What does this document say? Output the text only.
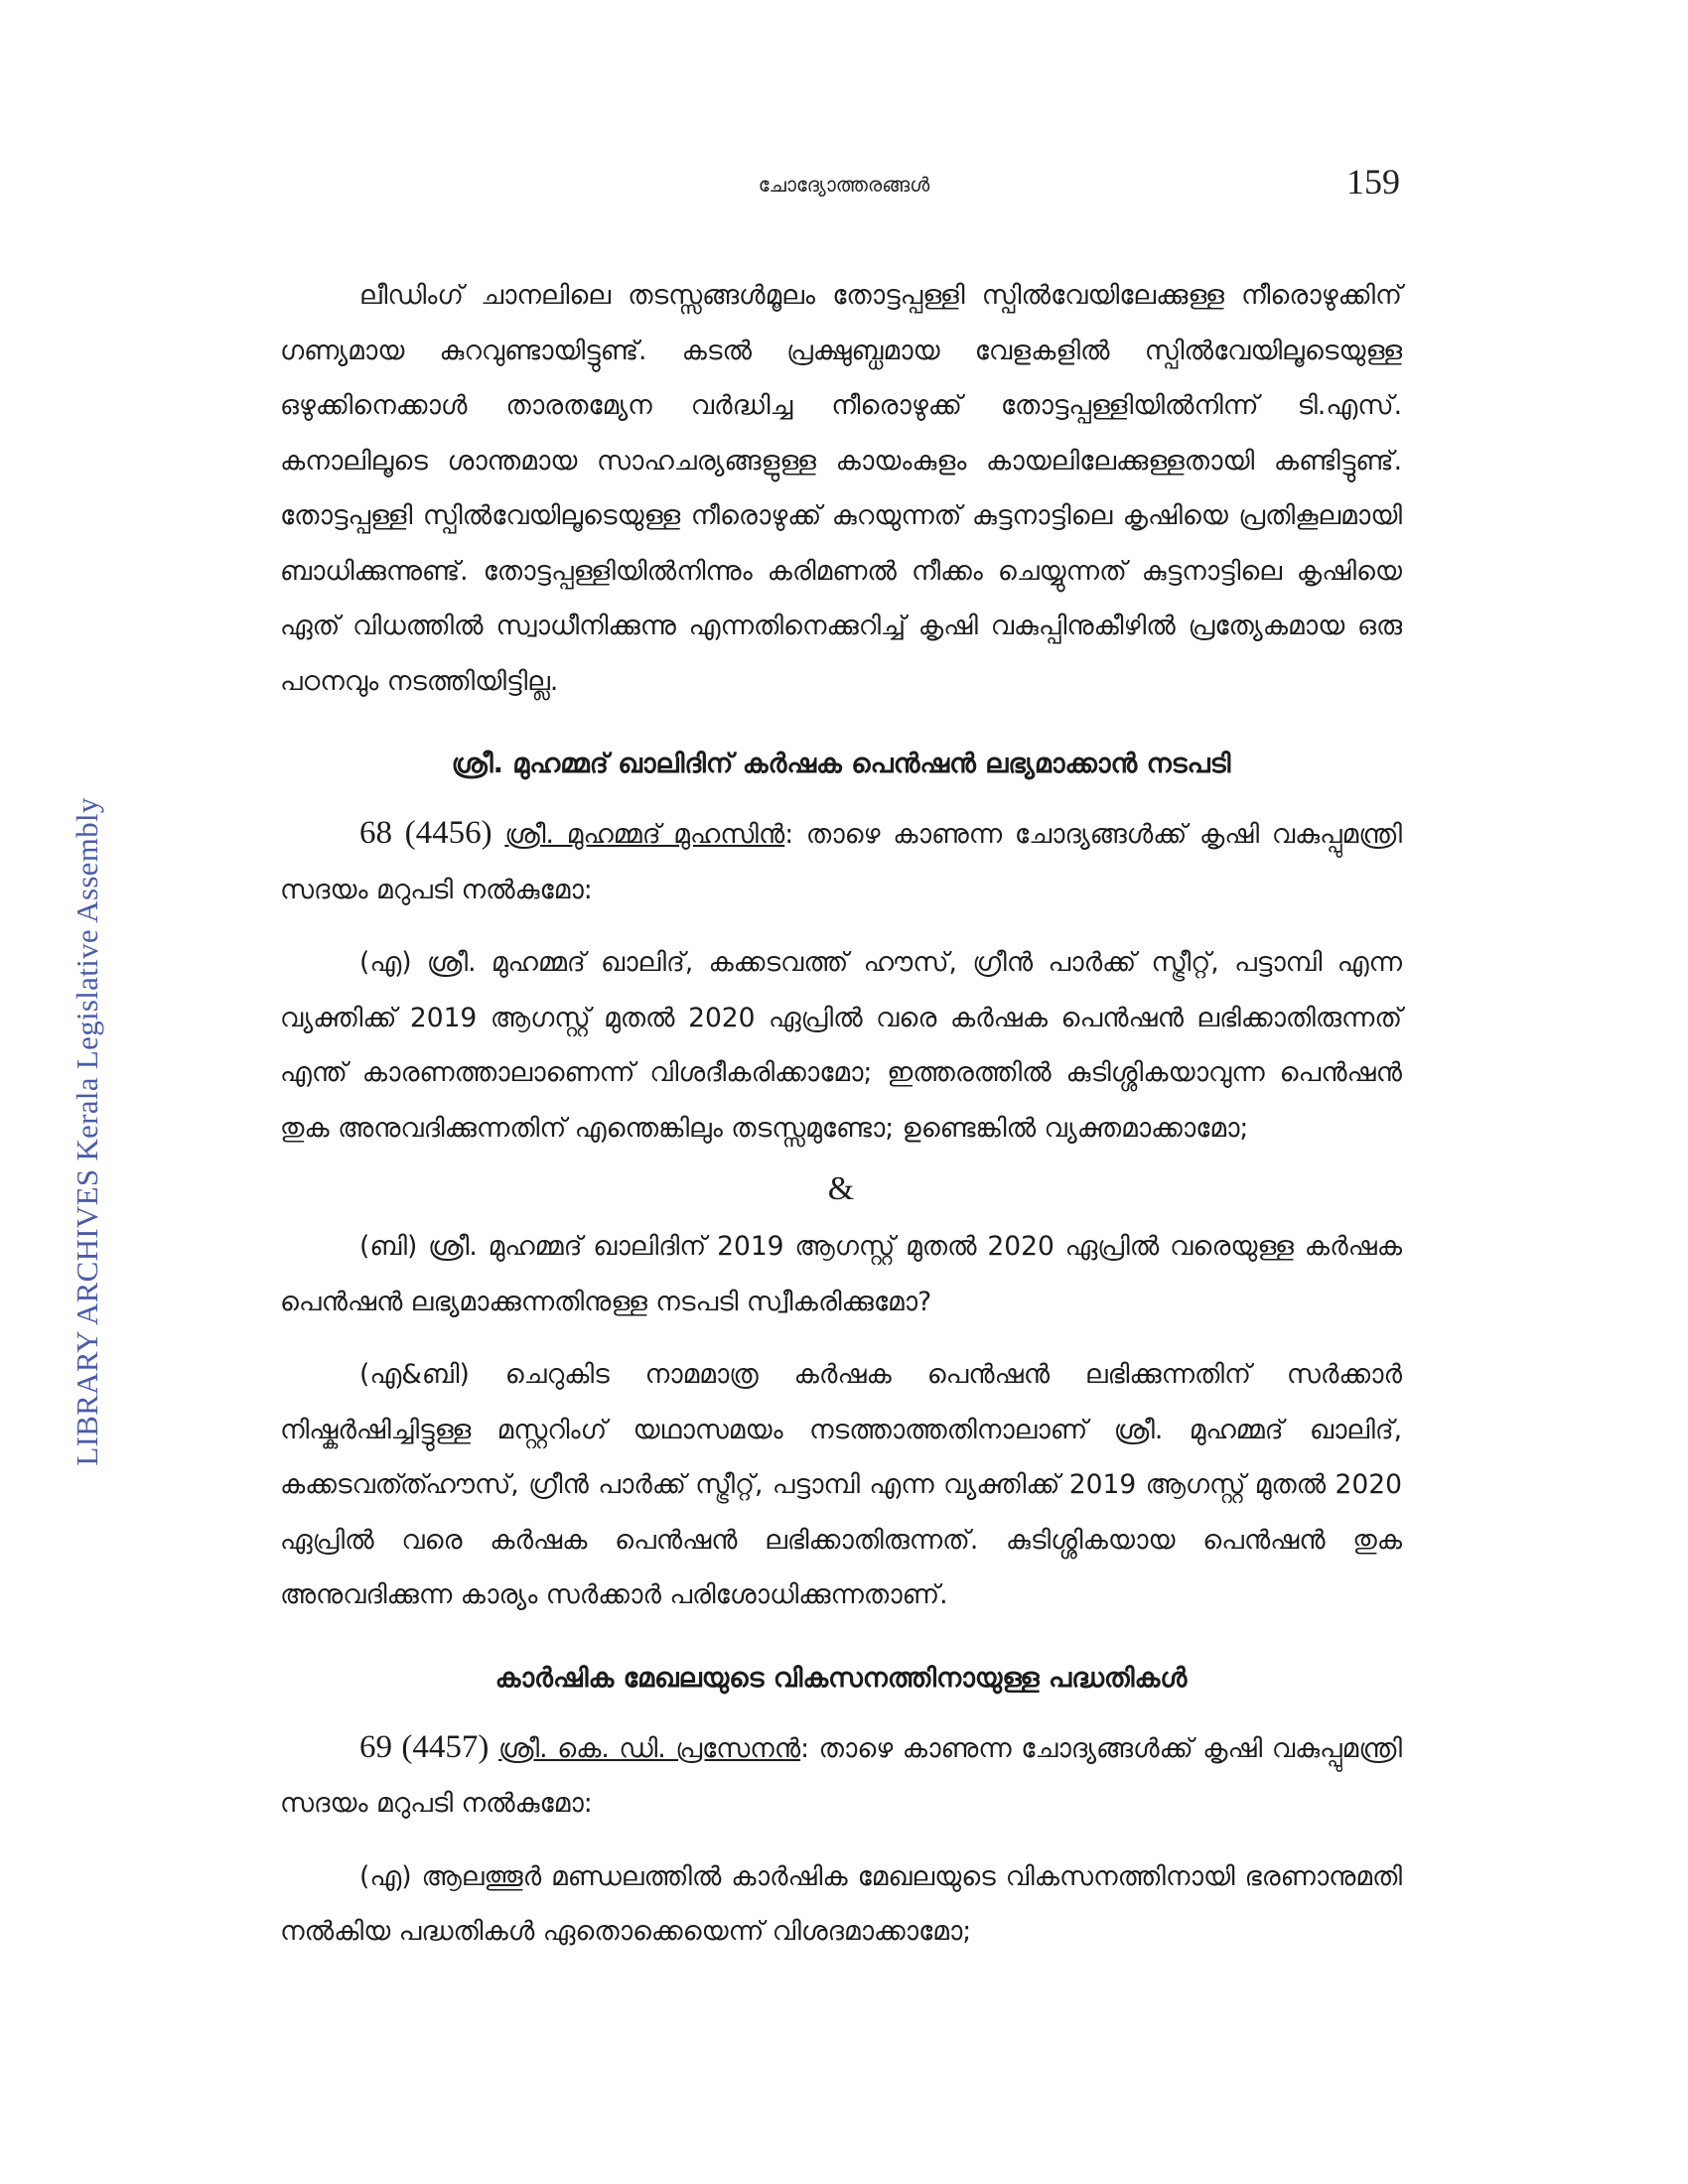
LIBRARY ARCHIVES Kerala Legislative Assembly
ചോദ്യോത്തരങ്ങൾ	159

ലീഡിംഗ് ചാനലിലെ തടസ്സങ്ങൾമൂലം തോട്ടപ്പള്ളി സ്പിൽവേയിലേക്കുള്ള നീരൊഴുക്കിന് ഗണ്യമായ കുറവുണ്ടായിട്ടുണ്ട്. കടൽ പ്രക്ഷുബ്ധമായ വേളകളിൽ സ്പിൽവേയിലൂടെയുള്ള ഒഴുക്കിനെക്കാൾ താരതമ്യേന വർദ്ധിച്ച നീരൊഴുക്ക് തോട്ടപ്പള്ളിയിൽനിന്ന് ടി.എസ്. കനാലിലൂടെ ശാന്തമായ സാഹചര്യങ്ങളുള്ള കായംകുളം കായലിലേക്കുള്ളതായി കണ്ടിട്ടുണ്ട്. തോട്ടപ്പള്ളി സ്പിൽവേയിലൂടെയുള്ള നീരൊഴുക്ക് കുറയുന്നത് കുട്ടനാട്ടിലെ കൃഷിയെ പ്രതികൂലമായി ബാധിക്കുന്നുണ്ട്. തോട്ടപ്പള്ളിയിൽനിന്നും കരിമണൽ നീക്കം ചെയ്യുന്നത് കുട്ടനാട്ടിലെ കൃഷിയെ ഏത് വിധത്തിൽ സ്വാധീനിക്കുന്നു എന്നതിനെക്കുറിച്ച് കൃഷി വകുപ്പിനുകീഴിൽ പ്രത്യേകമായ ഒരു പഠനവും നടത്തിയിട്ടില്ല.

ശ്രീ. മുഹമ്മദ് ഖാലിദിന് കർഷക പെൻഷൻ ലഭ്യമാക്കാൻ നടപടി

68 (4456) ശ്രീ. മുഹമ്മദ് മുഹസിൻ: താഴെ കാണുന്ന ചോദ്യങ്ങൾക്ക് കൃഷി വകുപ്പുമന്ത്രി സദയം മറുപടി നൽകുമോ:

(എ) ശ്രീ. മുഹമ്മദ് ഖാലിദ്, കക്കടവത്ത് ഹൗസ്, ഗ്രീൻ പാർക്ക് സ്ട്രീറ്റ്, പട്ടാമ്പി എന്ന വ്യക്തിക്ക് 2019 ആഗസ്റ്റ് മുതൽ 2020 ഏപ്രിൽ വരെ കർഷക പെൻഷൻ ലഭിക്കാതിരുന്നത് എന്ത് കാരണത്താലാണെന്ന് വിശദീകരിക്കാമോ; ഇത്തരത്തിൽ കുടിശ്ശികയാവുന്ന പെൻഷൻ തുക അനുവദിക്കുന്നതിന് എന്തെങ്കിലും തടസ്സമുണ്ടോ; ഉണ്ടെങ്കിൽ വ്യക്തമാക്കാമോ;

&

(ബി) ശ്രീ. മുഹമ്മദ് ഖാലിദിന് 2019 ആഗസ്റ്റ് മുതൽ 2020 ഏപ്രിൽ വരെയുള്ള കർഷക പെൻഷൻ ലഭ്യമാക്കുന്നതിനുള്ള നടപടി സ്വീകരിക്കുമോ?

(എ&ബി) ചെറുകിട നാമമാത്ര കർഷക പെൻഷൻ ലഭിക്കുന്നതിന് സർക്കാർ നിഷ്കർഷിച്ചിട്ടുള്ള മസ്റ്ററിംഗ് യഥാസമയം നടത്താത്തതിനാലാണ് ശ്രീ. മുഹമ്മദ് ഖാലിദ്, കക്കടവത്ത്ഹൗസ്, ഗ്രീൻ പാർക്ക് സ്ട്രീറ്റ്, പട്ടാമ്പി എന്ന വ്യക്തിക്ക് 2019 ആഗസ്റ്റ് മുതൽ 2020 ഏപ്രിൽ വരെ കർഷക പെൻഷൻ ലഭിക്കാതിരുന്നത്. കുടിശ്ശികയായ പെൻഷൻ തുക അനുവദിക്കുന്ന കാര്യം സർക്കാർ പരിശോധിക്കുന്നതാണ്.

കാർഷിക മേഖലയുടെ വികസനത്തിനായുള്ള പദ്ധതികൾ

69 (4457) ശ്രീ. കെ. ഡി. പ്രസേനൻ: താഴെ കാണുന്ന ചോദ്യങ്ങൾക്ക് കൃഷി വകുപ്പുമന്ത്രി സദയം മറുപടി നൽകുമോ:

(എ) ആലത്തൂർ മണ്ഡലത്തിൽ കാർഷിക മേഖലയുടെ വികസനത്തിനായി ഭരണാനുമതി നൽകിയ പദ്ധതികൾ ഏതൊക്കെയെന്ന് വിശദമാക്കാമോ;
